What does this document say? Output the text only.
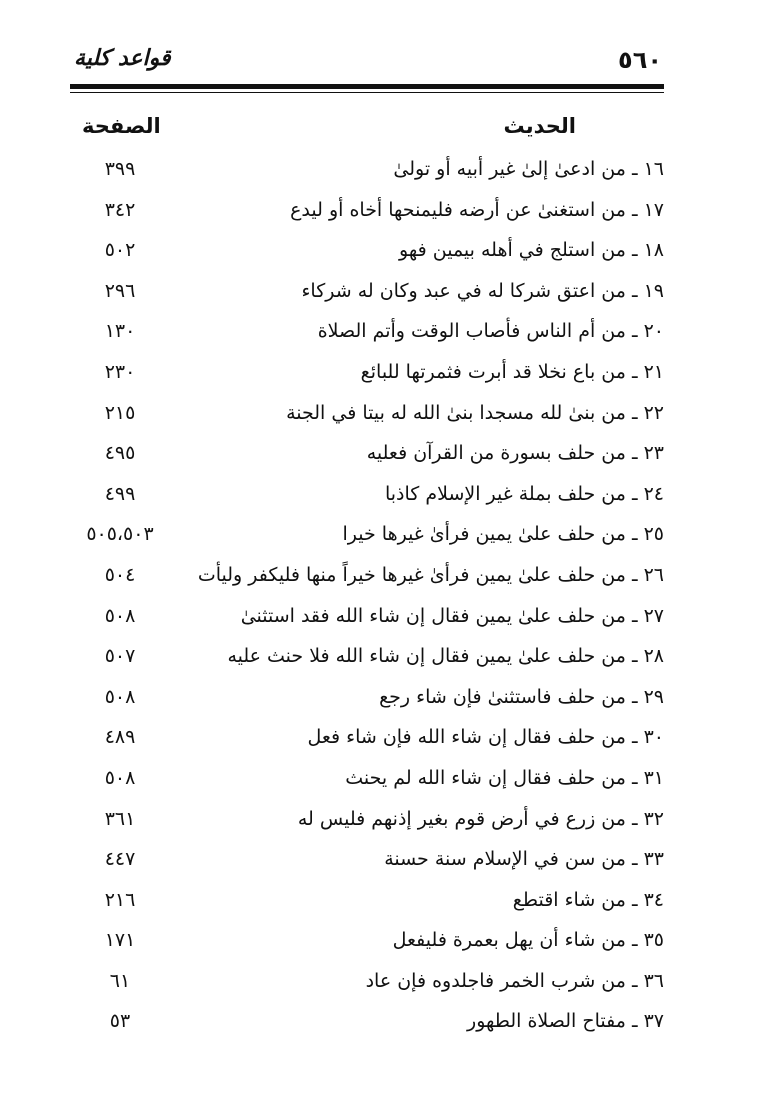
٥٦٠
قواعد كلية
الحديث
الصفحة
١٦ ـ من ادعىٰ إلىٰ غير أبيه أو تولىٰ
٣٩٩
١٧ ـ من استغنىٰ عن أرضه فليمنحها أخاه أو ليدع
٣٤٢
١٨ ـ من استلج في أهله بيمين فهو
٥٠٢
١٩ ـ من اعتق شركا له في عبد وكان له شركاء
٢٩٦
٢٠ ـ من أم الناس فأصاب الوقت وأتم الصلاة
١٣٠
٢١ ـ من باع نخلا قد أبرت فثمرتها للبائع
٢٣٠
٢٢ ـ من بنىٰ لله مسجدا بنىٰ الله له بيتا في الجنة
٢١٥
٢٣ ـ من حلف بسورة من القرآن فعليه
٤٩٥
٢٤ ـ من حلف بملة غير الإسلام كاذبا
٤٩٩
٢٥ ـ من حلف علىٰ يمين فرأىٰ غيرها خيرا
٥٠٥،٥٠٣
٢٦ ـ من حلف علىٰ يمين فرأىٰ غيرها خيراً منها فليكفر وليأت
٥٠٤
٢٧ ـ من حلف علىٰ يمين فقال إن شاء الله فقد استثنىٰ
٥٠٨
٢٨ ـ من حلف علىٰ يمين فقال إن شاء الله فلا حنث عليه
٥٠٧
٢٩ ـ من حلف فاستثنىٰ فإن شاء رجع
٥٠٨
٣٠ ـ من حلف فقال إن شاء الله فإن شاء فعل
٤٨٩
٣١ ـ من حلف فقال إن شاء الله لم يحنث
٥٠٨
٣٢ ـ من زرع في أرض قوم بغير إذنهم فليس له
٣٦١
٣٣ ـ من سن في الإسلام سنة حسنة
٤٤٧
٣٤ ـ من شاء اقتطع
٢١٦
٣٥ ـ من شاء أن يهل بعمرة فليفعل
١٧١
٣٦ ـ من شرب الخمر فاجلدوه فإن عاد
٦١
٣٧ ـ مفتاح الصلاة الطهور
٥٣
